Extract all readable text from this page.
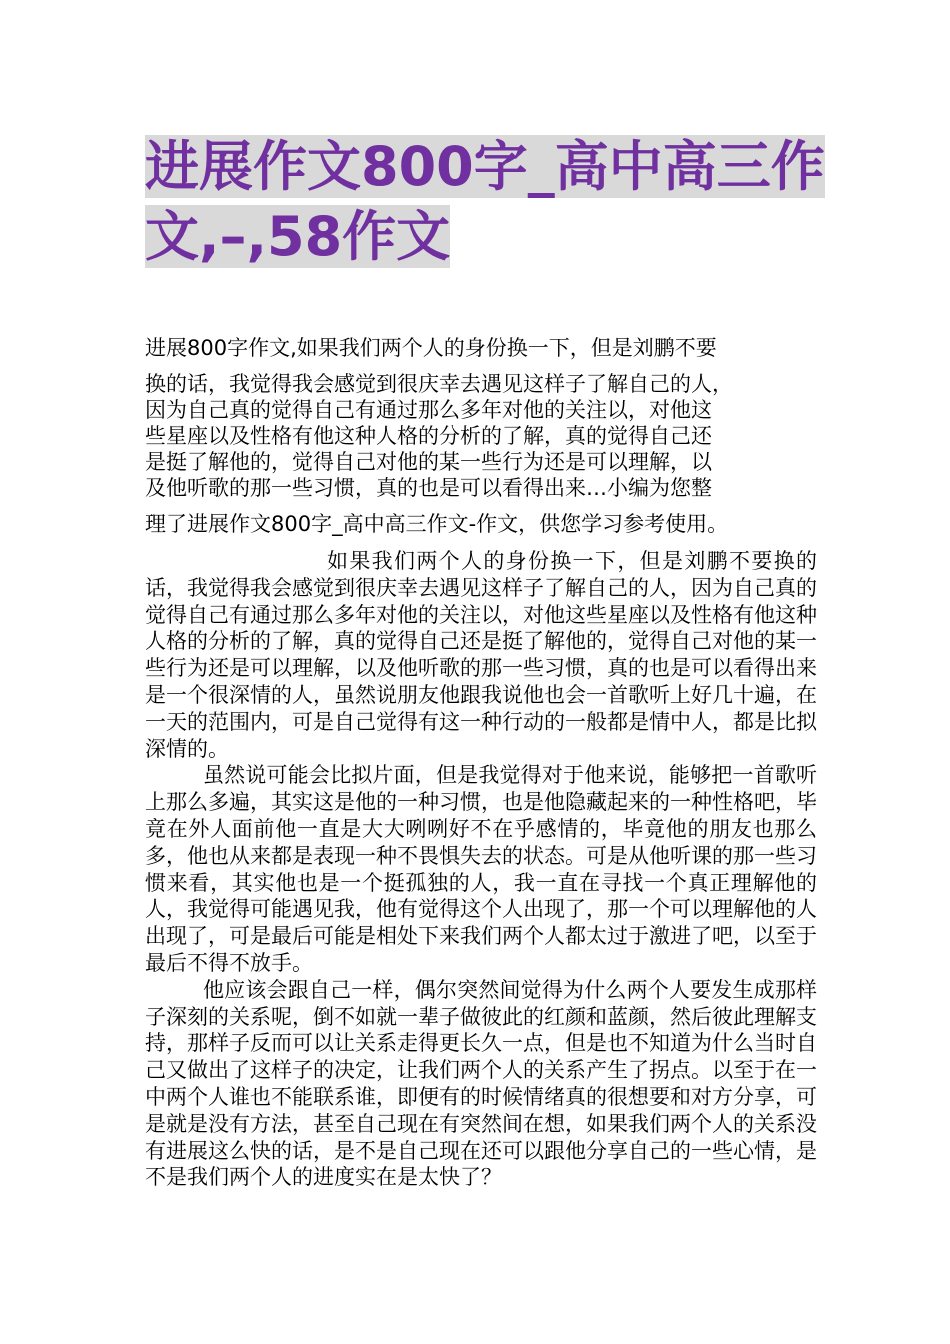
进展作文800字_高中高三作文,–,58作文
进展800字作文,如果我们两个人的身份换一下，但是刘鹏不要
换的话，我觉得我会感觉到很庆幸去遇见这样子了解自己的人，
因为自己真的觉得自己有通过那么多年对他的关注以，对他这
些星座以及性格有他这种人格的分析的了解，真的觉得自己还
是挺了解他的，觉得自己对他的某一些行为还是可以理解，以
及他听歌的那一些习惯，真的也是可以看得出来…小编为您整
理了进展作文800字_高中高三作文-作文，供您学习参考使用。

如果我们两个人的身份换一下，但是刘鹏不要换的话，我觉得我会感觉到很庆幸去遇见这样子了解自己的人，因为自己真的觉得自己有通过那么多年对他的关注以，对他这些星座以及性格有他这种人格的分析的了解，真的觉得自己还是挺了解他的，觉得自己对他的某一些行为还是可以理解，以及他听歌的那一些习惯，真的也是可以看得出来是一个很深情的人，虽然说朋友他跟我说他也会一首歌听上好几十遍，在一天的范围内，可是自己觉得有这一种行动的一般都是情中人，都是比拟深情的。

虽然说可能会比拟片面，但是我觉得对于他来说，能够把一首歌听上那么多遍，其实这是他的一种习惯，也是他隐藏起来的一种性格吧，毕竟在外人面前他一直是大大咧咧好不在乎感情的，毕竟他的朋友也那么多，他也从来都是表现一种不畏惧失去的状态。可是从他听课的那一些习惯来看，其实他也是一个挺孤独的人，我一直在寻找一个真正理解他的人，我觉得可能遇见我，他有觉得这个人出现了，那一个可以理解他的人出现了，可是最后可能是相处下来我们两个人都太过于激进了吧，以至于最后不得不放手。

他应该会跟自己一样，偶尔突然间觉得为什么两个人要发生成那样子深刻的关系呢，倒不如就一辈子做彼此的红颜和蓝颜，然后彼此理解支持，那样子反而可以让关系走得更长久一点，但是也不知道为什么当时自己又做出了这样子的决定，让我们两个人的关系产生了拐点。以至于在一中两个人谁也不能联系谁，即便有的时候情绪真的很想要和对方分享，可是就是没有方法，甚至自己现在有突然间在想，如果我们两个人的关系没有进展这么快的话，是不是自己现在还可以跟他分享自己的一些心情，是不是我们两个人的进度实在是太快了？
